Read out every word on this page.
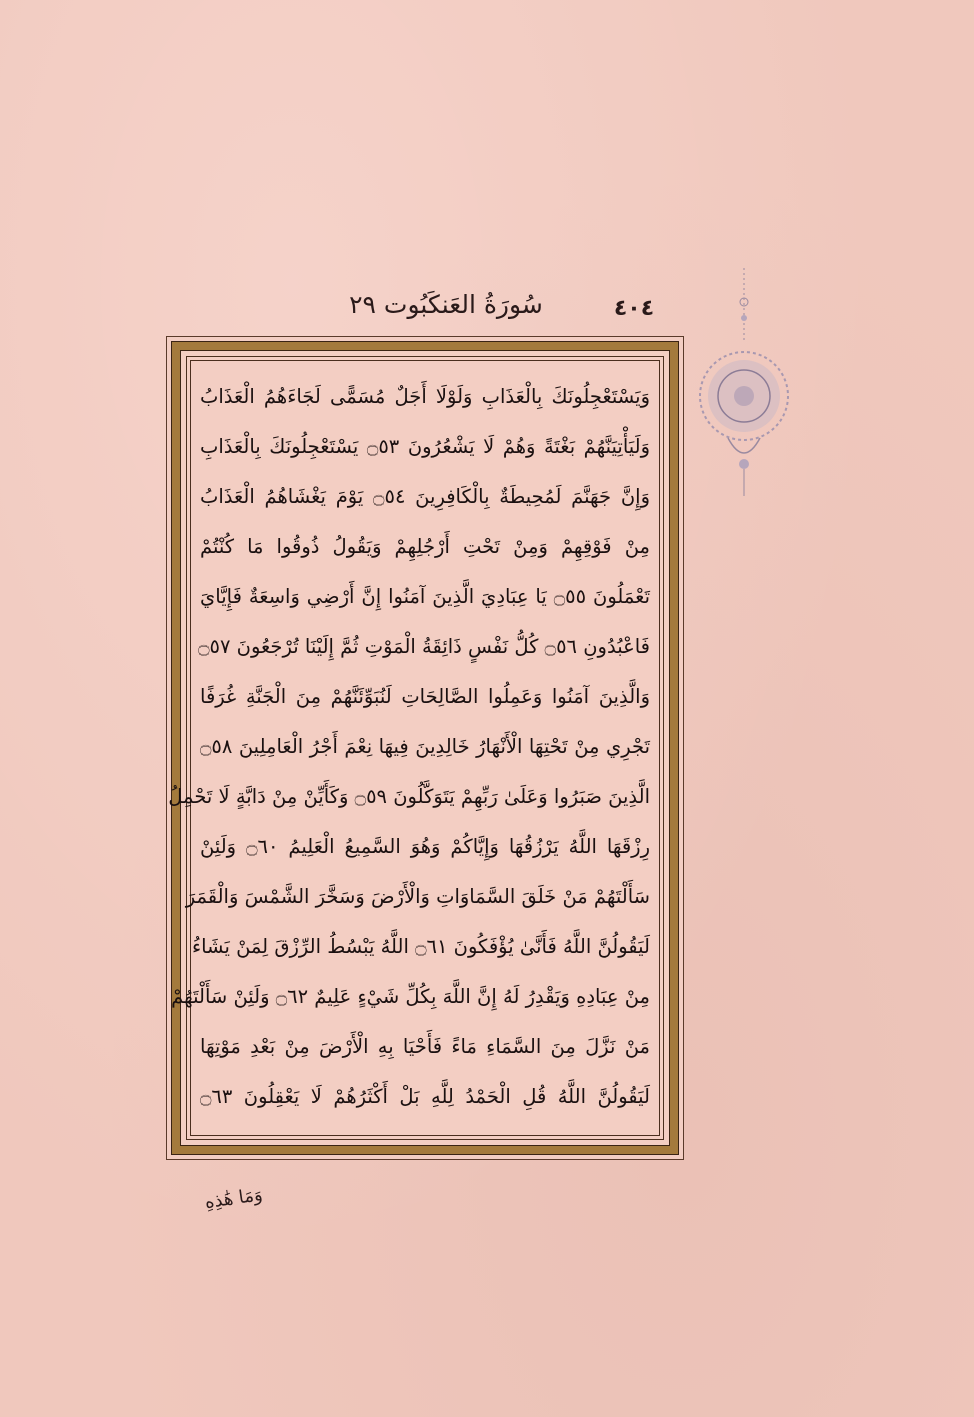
سُورَةُ العَنكَبُوت ٢٩	٤٠٤
وَيَسْتَعْجِلُونَكَ بِالْعَذَابِ وَلَوْلَا أَجَلٌ مُسَمًّى لَجَاءَهُمُ الْعَذَابُ
وَلَيَأْتِيَنَّهُمْ بَغْتَةً وَهُمْ لَا يَشْعُرُونَ ۝٥٣ يَسْتَعْجِلُونَكَ بِالْعَذَابِ
وَإِنَّ جَهَنَّمَ لَمُحِيطَةٌ بِالْكَافِرِينَ ۝٥٤ يَوْمَ يَغْشَاهُمُ الْعَذَابُ
مِنْ فَوْقِهِمْ وَمِنْ تَحْتِ أَرْجُلِهِمْ وَيَقُولُ ذُوقُوا مَا كُنْتُمْ
تَعْمَلُونَ ۝٥٥ يَا عِبَادِيَ الَّذِينَ آمَنُوا إِنَّ أَرْضِي وَاسِعَةٌ فَإِيَّايَ
فَاعْبُدُونِ ۝٥٦ كُلُّ نَفْسٍ ذَائِقَةُ الْمَوْتِ ثُمَّ إِلَيْنَا تُرْجَعُونَ ۝٥٧
وَالَّذِينَ آمَنُوا وَعَمِلُوا الصَّالِحَاتِ لَنُبَوِّئَنَّهُمْ مِنَ الْجَنَّةِ غُرَفًا
تَجْرِي مِنْ تَحْتِهَا الْأَنْهَارُ خَالِدِينَ فِيهَا نِعْمَ أَجْرُ الْعَامِلِينَ ۝٥٨
الَّذِينَ صَبَرُوا وَعَلَىٰ رَبِّهِمْ يَتَوَكَّلُونَ ۝٥٩ وَكَأَيِّنْ مِنْ دَابَّةٍ لَا تَحْمِلُ
رِزْقَهَا اللَّهُ يَرْزُقُهَا وَإِيَّاكُمْ وَهُوَ السَّمِيعُ الْعَلِيمُ ۝٦٠ وَلَئِنْ
سَأَلْتَهُمْ مَنْ خَلَقَ السَّمَاوَاتِ وَالْأَرْضَ وَسَخَّرَ الشَّمْسَ وَالْقَمَرَ
لَيَقُولُنَّ اللَّهُ فَأَنَّىٰ يُؤْفَكُونَ ۝٦١ اللَّهُ يَبْسُطُ الرِّزْقَ لِمَنْ يَشَاءُ
مِنْ عِبَادِهِ وَيَقْدِرُ لَهُ إِنَّ اللَّهَ بِكُلِّ شَيْءٍ عَلِيمٌ ۝٦٢ وَلَئِنْ سَأَلْتَهُمْ
مَنْ نَزَّلَ مِنَ السَّمَاءِ مَاءً فَأَحْيَا بِهِ الْأَرْضَ مِنْ بَعْدِ مَوْتِهَا
لَيَقُولُنَّ اللَّهُ قُلِ الْحَمْدُ لِلَّهِ بَلْ أَكْثَرُهُمْ لَا يَعْقِلُونَ ۝٦٣
وَمَا هَٰذِهِ
